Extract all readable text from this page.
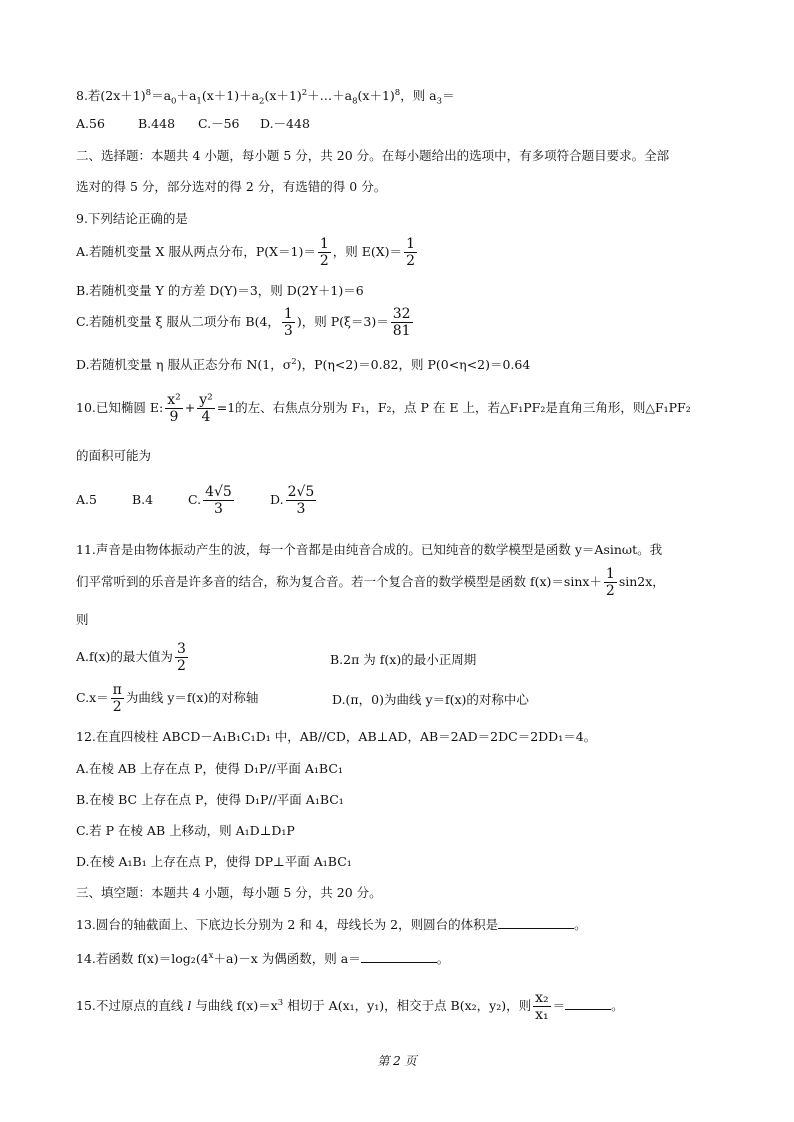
8.若$(2x+1)^8=a_0+a_1(x+1)+a_2(x+1)^2+\dots+a_8(x+1)^8$，则 $a_3=$
A.56	B.448 C.－56 D.－448
二、选择题：本题共 4 小题，每小题 5 分，共 20 分。在每小题给出的选项中，有多项符合题目要求。全部
选对的得 5 分，部分选对的得 2 分，有选错的得 0 分。
9.下列结论正确的是
A.若随机变量 X 服从两点分布，$P(X=1)= \frac{1}{2}$ ，则 $E(X)= \frac{1}{2}$
B.若随机变量 Y 的方差 D(Y)＝3，则 D(2Y＋1)＝6
C.若随机变量 ξ 服从二项分布 B(4， $\frac{1}{3}$ )，则 $P(\xi=3)= \frac{32}{81}$
D.若随机变量 η 服从正态分布 N(1，$\sigma^2$)，P(η<2)＝0.82，则 P(0<η<2)＝0.64
10.已知椭圆 E: $\frac{\text{x²}}{9} + \frac{\text{y²}}{4} =1$的左、右焦点分别为 F₁，F₂，点 P 在 E 上，若△F₁PF₂是直角三角形，则△F₁PF₂
的面积可能为
A.5	B.4	C. $\frac{4√5}{3}$	D. $\frac{2√5}{3}$
11.声音是由物体振动产生的波，每一个音都是由纯音合成的。已知纯音的数学模型是函数 y＝Asinωt。我
们平常听到的乐音是许多音的结合，称为复合音。若一个复合音的数学模型是函数 $f(x)=\sin x+ \frac{1}{2} \sin 2x$，
则
A.f(x)的最大值为 $\frac{3}{2}$	B.2π 为 f(x)的最小正周期
$C.x= \frac{\pi}{2}$ 为曲线 y＝f(x)的对称轴	D.(π，0)为曲线 y＝f(x)的对称中心
12.在直四棱柱 ABCD－A₁B₁C₁D₁ 中，AB//CD，AB⊥AD，AB＝2AD＝2DC＝2DD₁＝4。
A.在棱 AB 上存在点 P，使得 D₁P//平面 A₁BC₁
B.在棱 BC 上存在点 P，使得 D₁P//平面 A₁BC₁
C.若 P 在棱 AB 上移动，则 A₁D⊥D₁P
D.在棱 A₁B₁ 上存在点 P，使得 DP⊥平面 A₁BC₁
三、填空题：本题共 4 小题，每小题 5 分，共 20 分。
13.圆台的轴截面上、下底边长分别为 2 和 4，母线长为 2，则圆台的体积是	。
14.若函数 $f(x)=\log_2(4^x+a)-x$ 为偶函数，则 a＝	。
15.不过原点的直线 l 与曲线 $f(x)=x^3$ 相切于 A(x₁，y₁)，相交于点 B(x₂，y₂)，则 $\frac{\text{x₂}}{\text{x₁}}$ ＝	。
第 2 页
